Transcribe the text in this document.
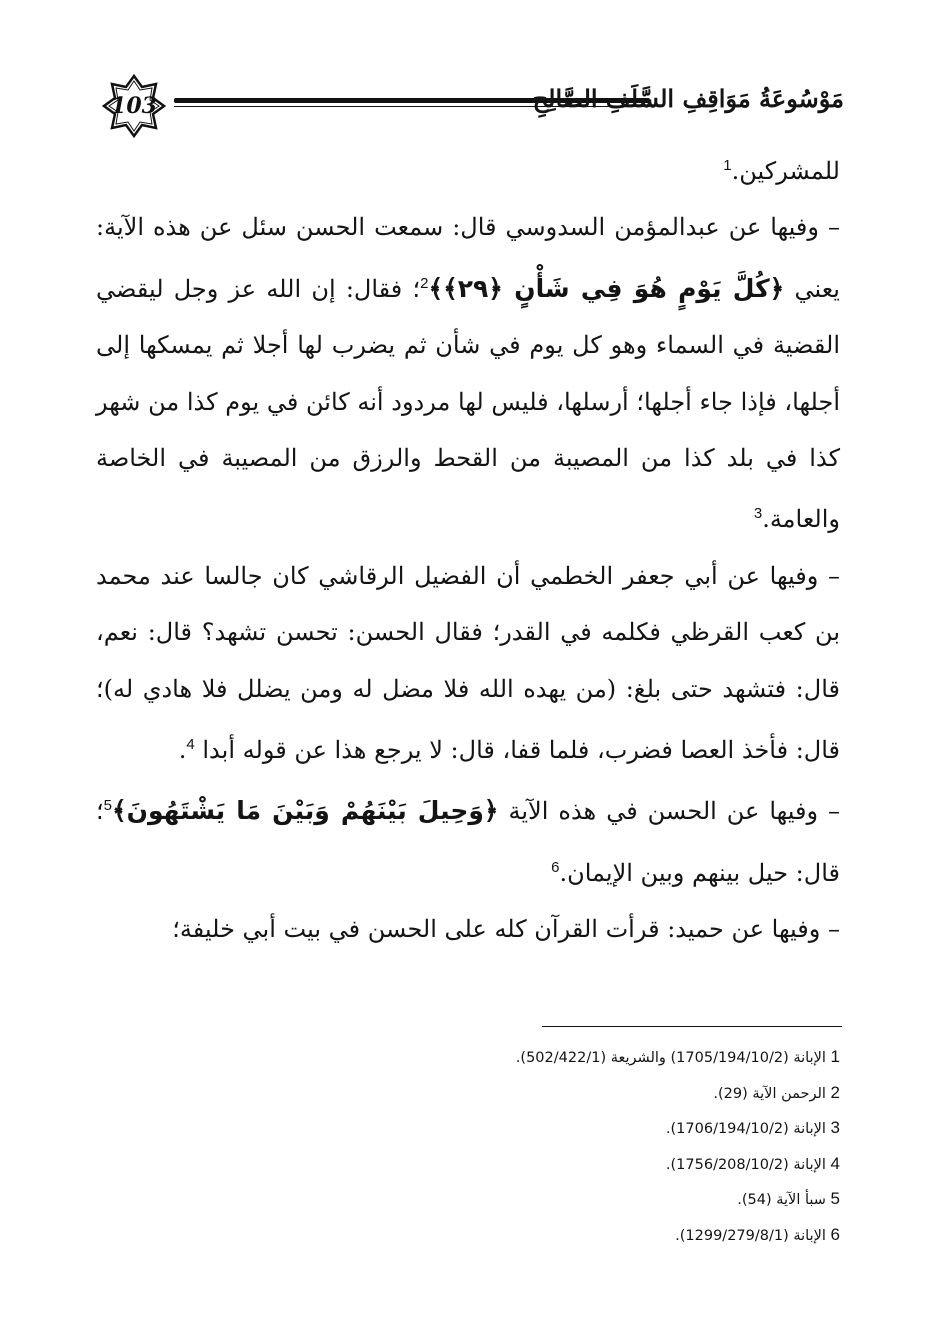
103	مَوْسُوعَةُ مَوَاقِفِ السَّلَفِ الصَّالِحِ

للمشركين.$^1$

– وفيها عن عبدالمؤمن السدوسي قال: سمعت الحسن سئل عن هذه الآية: يعني ﴿كُلَّ يَوْمٍ هُوَ فِي شَأْنٍ ﴿٢٩﴾﴾$^2$؛ فقال: إن الله عز وجل ليقضي القضية في السماء وهو كل يوم في شأن ثم يضرب لها أجلا ثم يمسكها إلى أجلها، فإذا جاء أجلها؛ أرسلها، فليس لها مردود أنه كائن في يوم كذا من شهر كذا في بلد كذا من المصيبة من القحط والرزق من المصيبة في الخاصة والعامة.$^3$

– وفيها عن أبي جعفر الخطمي أن الفضيل الرقاشي كان جالسا عند محمد بن كعب القرظي فكلمه في القدر؛ فقال الحسن: تحسن تشهد؟ قال: نعم، قال: فتشهد حتى بلغ: (من يهده الله فلا مضل له ومن يضلل فلا هادي له)؛ قال: فأخذ العصا فضرب، فلما قفا، قال: لا يرجع هذا عن قوله أبدا $^4$.

– وفيها عن الحسن في هذه الآية ﴿وَحِيلَ بَيْنَهُمْ وَبَيْنَ مَا يَشْتَهُونَ﴾$^5$؛ قال: حيل بينهم وبين الإيمان.$^6$

– وفيها عن حميد: قرأت القرآن كله على الحسن في بيت أبي خليفة؛

1 الإبانة (1705/194/10/2) والشريعة (502/422/1).
2 الرحمن الآية (29).
3 الإبانة (1706/194/10/2).
4 الإبانة (1756/208/10/2).
5 سبأ الآية (54).
6 الإبانة (1299/279/8/1).
